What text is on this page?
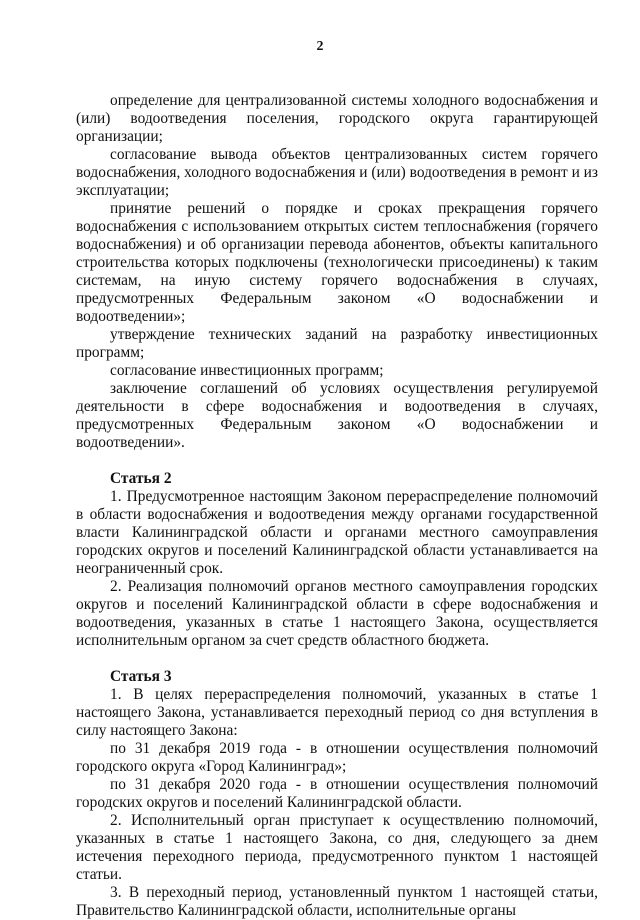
2

определение для централизованной системы холодного водоснабжения и (или) водоотведения поселения, городского округа гарантирующей организации;

согласование вывода объектов централизованных систем горячего водоснабжения, холодного водоснабжения и (или) водоотведения в ремонт и из эксплуатации;

принятие решений о порядке и сроках прекращения горячего водоснабжения с использованием открытых систем теплоснабжения (горячего водоснабжения) и об организации перевода абонентов, объекты капитального строительства которых подключены (технологически присоединены) к таким системам, на иную систему горячего водоснабжения в случаях, предусмотренных Федеральным законом «О водоснабжении и водоотведении»;

утверждение технических заданий на разработку инвестиционных программ;

согласование инвестиционных программ;

заключение соглашений об условиях осуществления регулируемой деятельности в сфере водоснабжения и водоотведения в случаях, предусмотренных Федеральным законом «О водоснабжении и водоотведении».

Статья 2

1. Предусмотренное настоящим Законом перераспределение полномочий в области водоснабжения и водоотведения между органами государственной власти Калининградской области и органами местного самоуправления городских округов и поселений Калининградской области устанавливается на неограниченный срок.

2. Реализация полномочий органов местного самоуправления городских округов и поселений Калининградской области в сфере водоснабжения и водоотведения, указанных в статье 1 настоящего Закона, осуществляется исполнительным органом за счет средств областного бюджета.

Статья 3

1. В целях перераспределения полномочий, указанных в статье 1 настоящего Закона, устанавливается переходный период со дня вступления в силу настоящего Закона:

по 31 декабря 2019 года - в отношении осуществления полномочий городского округа «Город Калининград»;

по 31 декабря 2020 года - в отношении осуществления полномочий городских округов и поселений Калининградской области.

2. Исполнительный орган приступает к осуществлению полномочий, указанных в статье 1 настоящего Закона, со дня, следующего за днем истечения переходного периода, предусмотренного пунктом 1 настоящей статьи.

3. В переходный период, установленный пунктом 1 настоящей статьи, Правительство Калининградской области, исполнительные органы
